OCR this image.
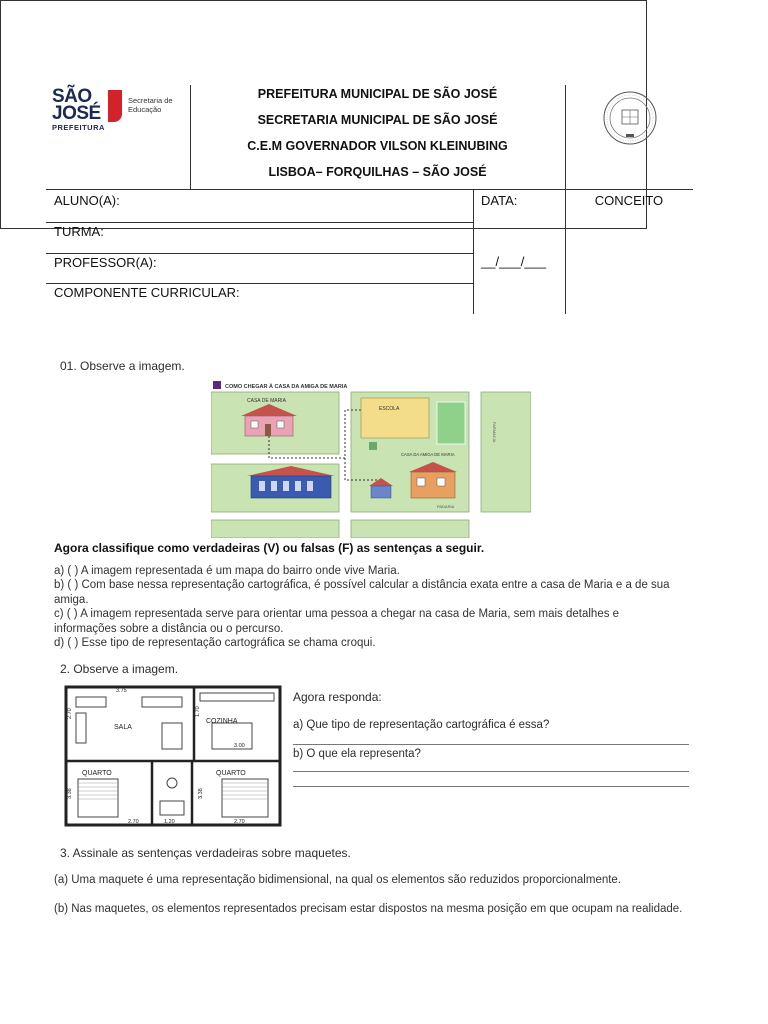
SÃO
JOSÉ
PREFEITURA
Secretaria de
Educação
PREFEITURA MUNICIPAL DE SÃO JOSÉ
SECRETARIA MUNICIPAL DE SÃO JOSÉ
C.E.M GOVERNADOR VILSON KLEINUBING
LISBOA– FORQUILHAS – SÃO JOSÉ
ALUNO(A):
TURMA:
PROFESSOR(A):
COMPONENTE CURRICULAR:
DATA:
__/___/___
CONCEITO
01. Observe a imagem.
COMO CHEGAR À CASA DA AMIGA DE MARIA
CASA DE MARIA
ESCOLA
CASA DA AMIGA DE MARIA
FARMÁCIA
PADARIA
Agora classifique como verdadeiras (V) ou falsas (F) as sentenças a seguir.
a) ( ) A imagem representada é um mapa do bairro onde vive Maria.
b) ( ) Com base nessa representação cartográfica, é possível calcular a distância exata entre a casa de Maria e a de sua amiga.
c) ( ) A imagem representada serve para orientar uma pessoa a chegar na casa de Maria, sem mais detalhes e informações sobre a distância ou o percurso.
d) ( ) Esse tipo de representação cartográfica se chama croqui.
2. Observe a imagem.
SALA
COZINHA
QUARTO	QUARTO
3.75
2.70	1.70
3.00
3.38	3.38
2.70	1.20	2.70
Agora responda:
a) Que tipo de representação cartográfica é essa?
b) O que ela representa?
3. Assinale as sentenças verdadeiras sobre maquetes.
(a) Uma maquete é uma representação bidimensional, na qual os elementos são reduzidos proporcionalmente.
(b) Nas maquetes, os elementos representados precisam estar dispostos na mesma posição em que ocupam na realidade.
